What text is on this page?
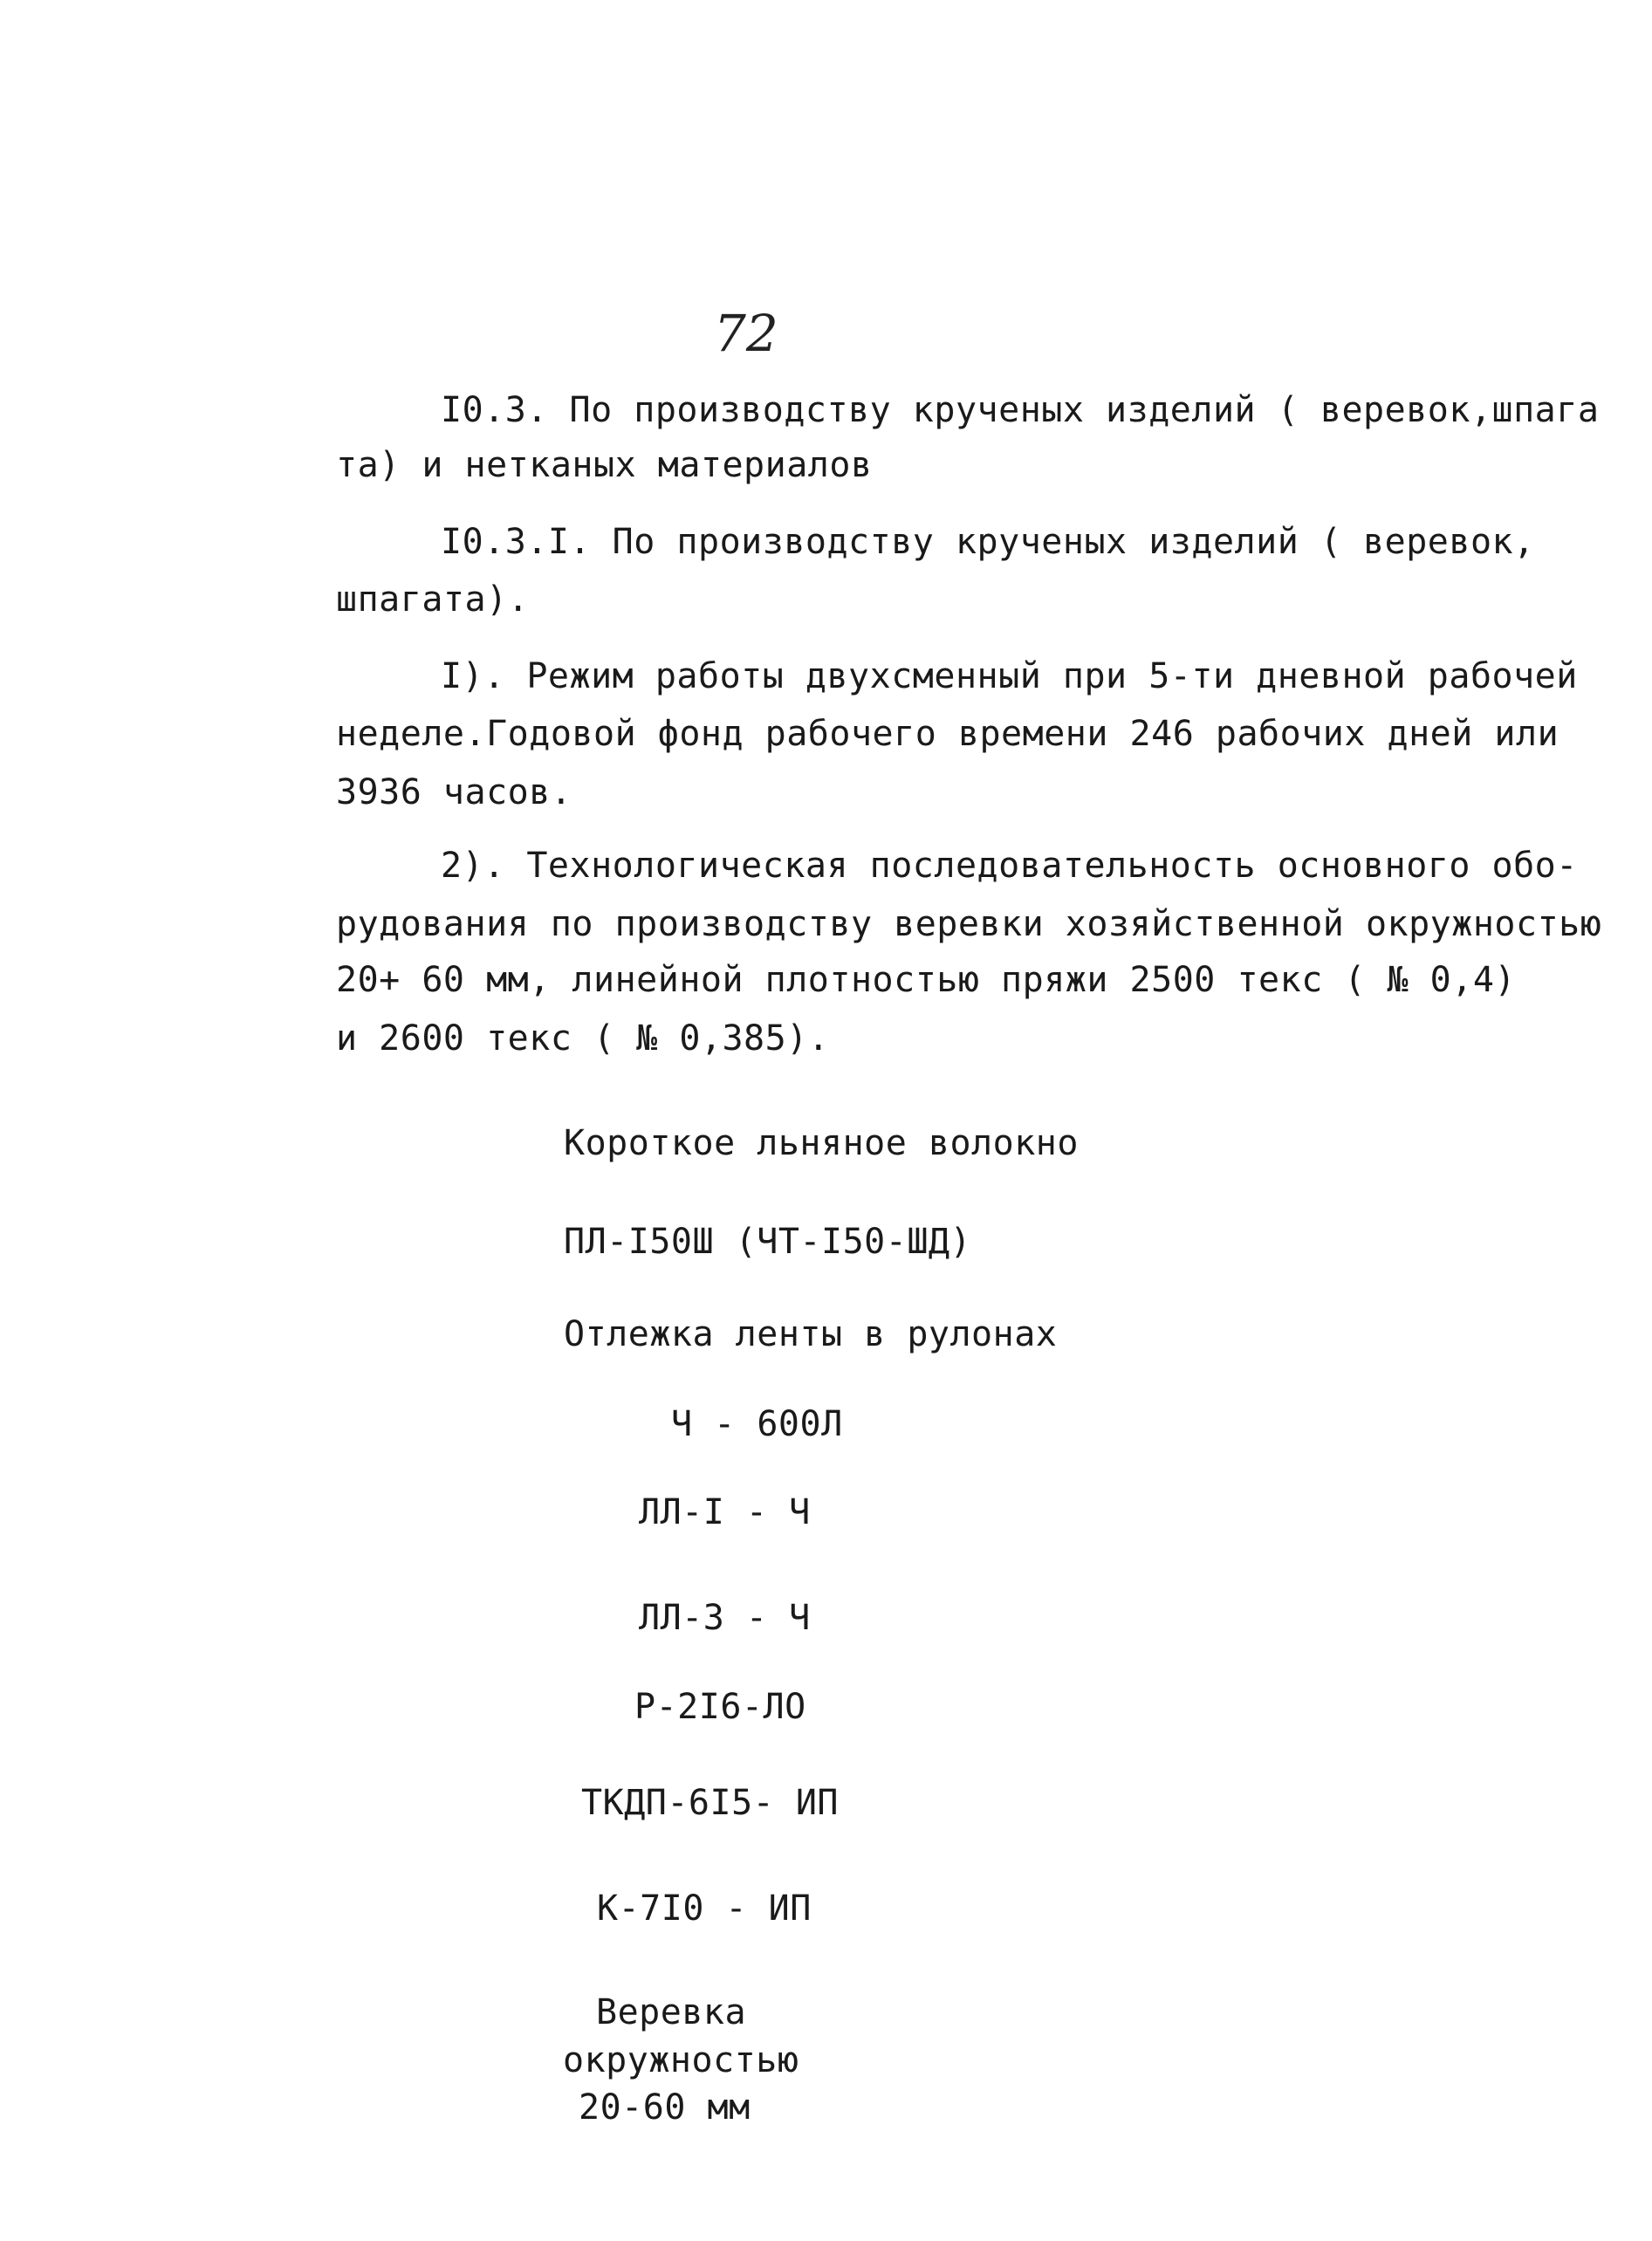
72
I0.3. По производству крученых изделий ( веревок,шпага
та) и нетканых материалов
I0.3.I. По производству крученых изделий ( веревок,
шпагата).
I). Режим работы двухсменный при 5-ти дневной рабочей
неделе.Годовой фонд рабочего времени 246 рабочих дней или
3936 часов.
2). Технологическая последовательность основного обо-
рудования по производству веревки хозяйственной окружностью
20+ 60 мм, линейной плотностью пряжи 2500 текс ( № 0,4)
и 2600 текс ( № 0,385).
Короткое льняное волокно
ПЛ-I50Ш (ЧТ-I50-ШД)
Отлежка ленты в рулонах
Ч - 600Л
ЛЛ-I - Ч
ЛЛ-3 - Ч
Р-2I6-ЛО
ТКДП-6I5- ИП
К-7I0 - ИП
Веревка
окружностью
20-60 мм
